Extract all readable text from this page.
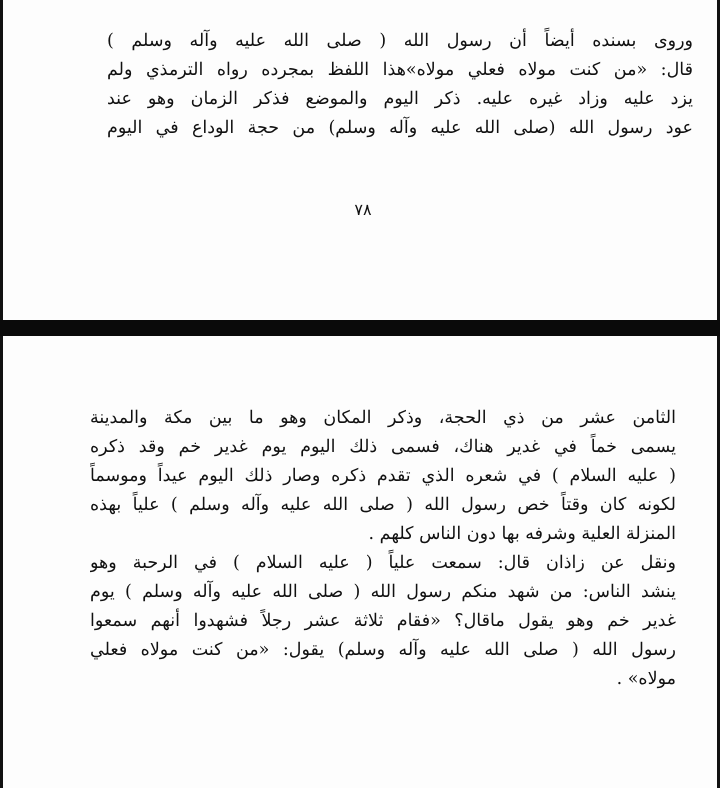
وروى بسنده أيضاً أن رسول الله ( صلى الله عليه وآله وسلم )
قال: «من كنت مولاه فعلي مولاه»هذا اللفظ بمجرده رواه الترمذي ولم
يزد عليه وزاد غيره عليه. ذكر اليوم والموضع فذكر الزمان وهو عند
عود رسول الله (صلى الله عليه وآله وسلم) من حجة الوداع في اليوم
٧٨
الثامن عشر من ذي الحجة، وذكر المكان وهو ما بين مكة والمدينة
يسمى خماً في غدير هناك، فسمى ذلك اليوم يوم غدير خم وقد ذكره
( عليه السلام ) في شعره الذي تقدم ذكره وصار ذلك اليوم عيداً وموسماً
لكونه كان وقتاً خص رسول الله ( صلى الله عليه وآله وسلم ) علياً بهذه
المنزلة العلية وشرفه بها دون الناس كلهم .
ونقل عن زاذان قال: سمعت علياً ( عليه السلام ) في الرحبة وهو
ينشد الناس: من شهد منكم رسول الله ( صلى الله عليه وآله وسلم ) يوم
غدير خم وهو يقول ماقال؟ «فقام ثلاثة عشر رجلاً فشهدوا أنهم سمعوا
رسول الله ( صلى الله عليه وآله وسلم) يقول: «من كنت مولاه فعلي
مولاه» .
